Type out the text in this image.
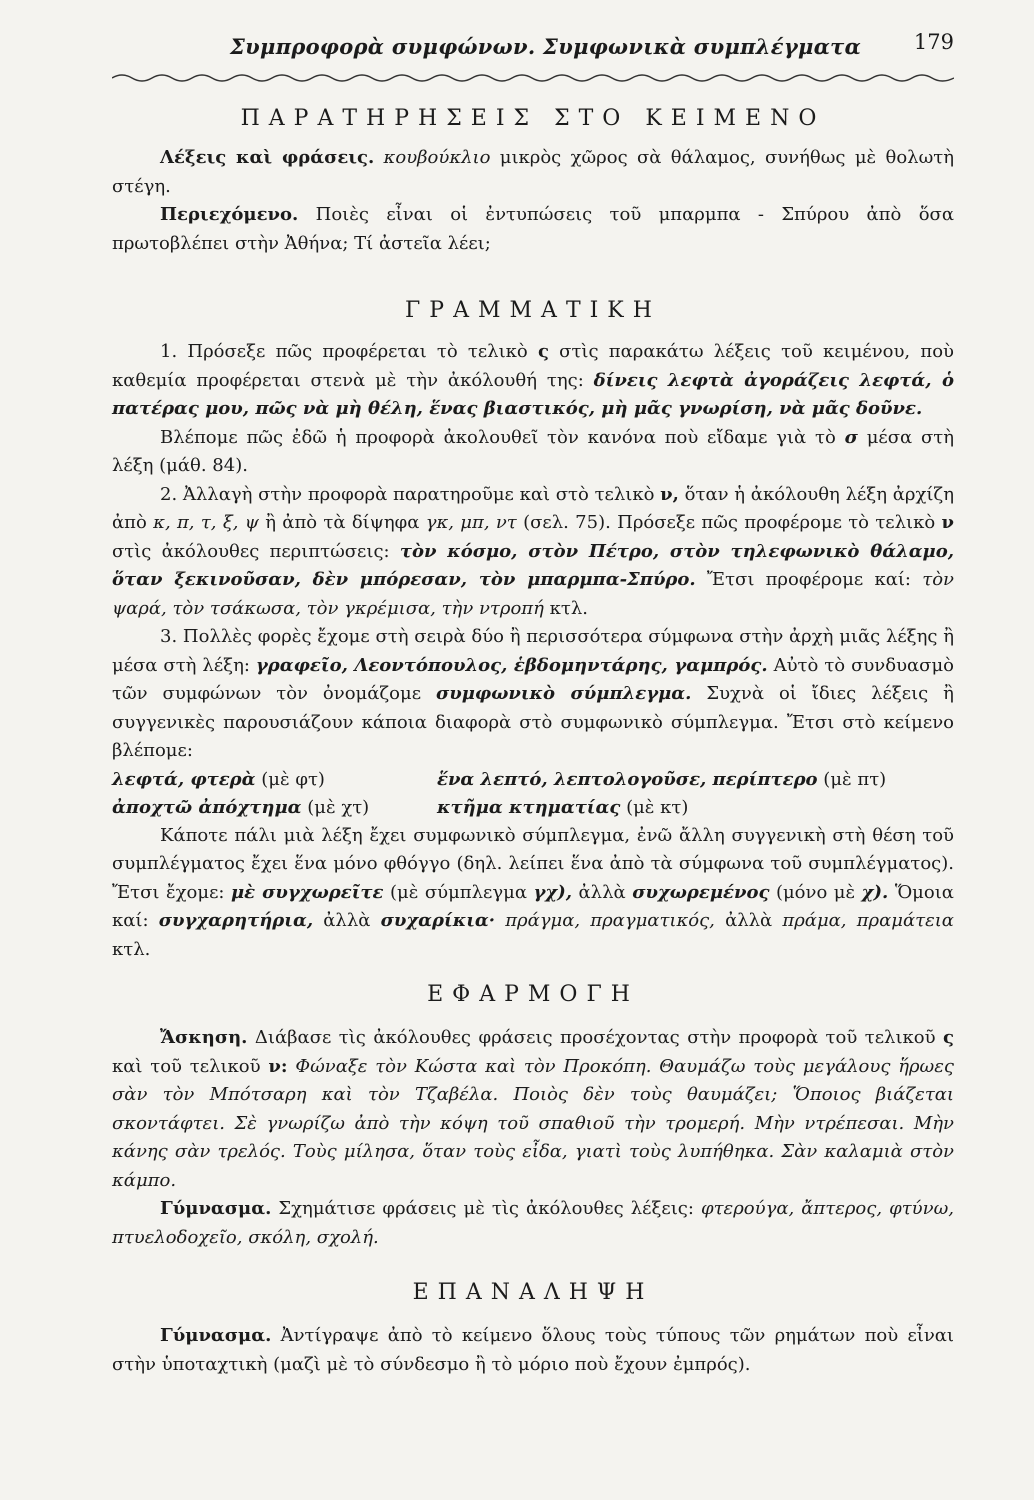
Συμπροφορὰ συμφώνων. Συμφωνικὰ συμπλέγματα	179
ΠΑΡΑΤΗΡΗΣΕΙΣ ΣΤΟ ΚΕΙΜΕΝΟ

Λέξεις καὶ φράσεις. κουβούκλιο μικρὸς χῶρος σὰ θάλαμος, συνήθως μὲ θολωτὴ στέγη.

Περιεχόμενο. Ποιὲς εἶναι οἱ ἐντυπώσεις τοῦ μπαρμπα - Σπύρου ἀπὸ ὅσα πρωτοβλέπει στὴν Ἀθήνα; Τί ἀστεῖα λέει;

ΓΡΑΜΜΑΤΙΚΗ

1. Πρόσεξε πῶς προφέρεται τὸ τελικὸ ς στὶς παρακάτω λέξεις τοῦ κειμένου, ποὺ καθεμία προφέρεται στενὰ μὲ τὴν ἀκόλουθή της: δίνεις λεφτὰ ἀγοράζεις λεφτά, ὁ πατέρας μου, πῶς νὰ μὴ θέλη, ἕνας βιαστικός, μὴ μᾶς γνωρίση, νὰ μᾶς δοῦνε.

Βλέπομε πῶς ἐδῶ ἡ προφορὰ ἀκολουθεῖ τὸν κανόνα ποὺ εἴδαμε γιὰ τὸ σ μέσα στὴ λέξη (μάθ. 84).

2. Ἀλλαγὴ στὴν προφορὰ παρατηροῦμε καὶ στὸ τελικὸ ν, ὅταν ἡ ἀκόλουθη λέξη ἀρχίζη ἀπὸ κ, π, τ, ξ, ψ ἢ ἀπὸ τὰ δίψηφα γκ, μπ, ντ (σελ. 75). Πρόσεξε πῶς προφέρομε τὸ τελικὸ ν στὶς ἀκόλουθες περιπτώσεις: τὸν κόσμο, στὸν Πέτρο, στὸν τηλεφωνικὸ θάλαμο, ὅταν ξεκινοῦσαν, δὲν μπόρεσαν, τὸν μπαρμπα-Σπύρο. Ἔτσι προφέρομε καί: τὸν ψαρά, τὸν τσάκωσα, τὸν γκρέμισα, τὴν ντροπή κτλ.

3. Πολλὲς φορὲς ἔχομε στὴ σειρὰ δύο ἢ περισσότερα σύμφωνα στὴν ἀρχὴ μιᾶς λέξης ἢ μέσα στὴ λέξη: γραφεῖο, Λεοντόπουλος, ἑβδομηντάρης, γαμπρός. Αὐτὸ τὸ συνδυασμὸ τῶν συμφώνων τὸν ὀνομάζομε συμφωνικὸ σύμπλεγμα. Συχνὰ οἱ ἴδιες λέξεις ἢ συγγενικὲς παρουσιάζουν κάποια διαφορὰ στὸ συμφωνικὸ σύμπλεγμα. Ἔτσι στὸ κείμενο βλέπομε:

λεφτά, φτερὰ (μὲ φτ)	ἕνα λεπτό, λεπτολογοῦσε, περίπτερο (μὲ πτ)
ἀποχτῶ ἀπόχτημα (μὲ χτ)	κτῆμα κτηματίας (μὲ κτ)

Κάποτε πάλι μιὰ λέξη ἔχει συμφωνικὸ σύμπλεγμα, ἐνῶ ἄλλη συγγενικὴ στὴ θέση τοῦ συμπλέγματος ἔχει ἕνα μόνο φθόγγο (δηλ. λείπει ἕνα ἀπὸ τὰ σύμφωνα τοῦ συμπλέγματος). Ἔτσι ἔχομε: μὲ συγχωρεῖτε (μὲ σύμπλεγμα γχ), ἀλλὰ συχωρεμένος (μόνο μὲ χ). Ὅμοια καί: συγχαρητήρια, ἀλλὰ συχαρίκια· πράγμα, πραγματικός, ἀλλὰ πράμα, πραμάτεια κτλ.

ΕΦΑΡΜΟΓΗ

Ἄσκηση. Διάβασε τὶς ἀκόλουθες φράσεις προσέχοντας στὴν προφορὰ τοῦ τελικοῦ ς καὶ τοῦ τελικοῦ ν: Φώναξε τὸν Κώστα καὶ τὸν Προκόπη. Θαυμάζω τοὺς μεγάλους ἥρωες σὰν τὸν Μπότσαρη καὶ τὸν Τζαβέλα. Ποιὸς δὲν τοὺς θαυμάζει; Ὅποιος βιάζεται σκοντάφτει. Σὲ γνωρίζω ἀπὸ τὴν κόψη τοῦ σπαθιοῦ τὴν τρομερή. Μὴν ντρέπεσαι. Μὴν κάνης σὰν τρελός. Τοὺς μίλησα, ὅταν τοὺς εἶδα, γιατὶ τοὺς λυπήθηκα. Σὰν καλαμιὰ στὸν κάμπο.

Γύμνασμα. Σχημάτισε φράσεις μὲ τὶς ἀκόλουθες λέξεις: φτερούγα, ἄπτερος, φτύνω, πτυελοδοχεῖο, σκόλη, σχολή.

ΕΠΑΝΑΛΗΨΗ

Γύμνασμα. Ἀντίγραψε ἀπὸ τὸ κείμενο ὅλους τοὺς τύπους τῶν ρημάτων ποὺ εἶναι στὴν ὑποταχτικὴ (μαζὶ μὲ τὸ σύνδεσμο ἢ τὸ μόριο ποὺ ἔχουν ἐμπρός).
